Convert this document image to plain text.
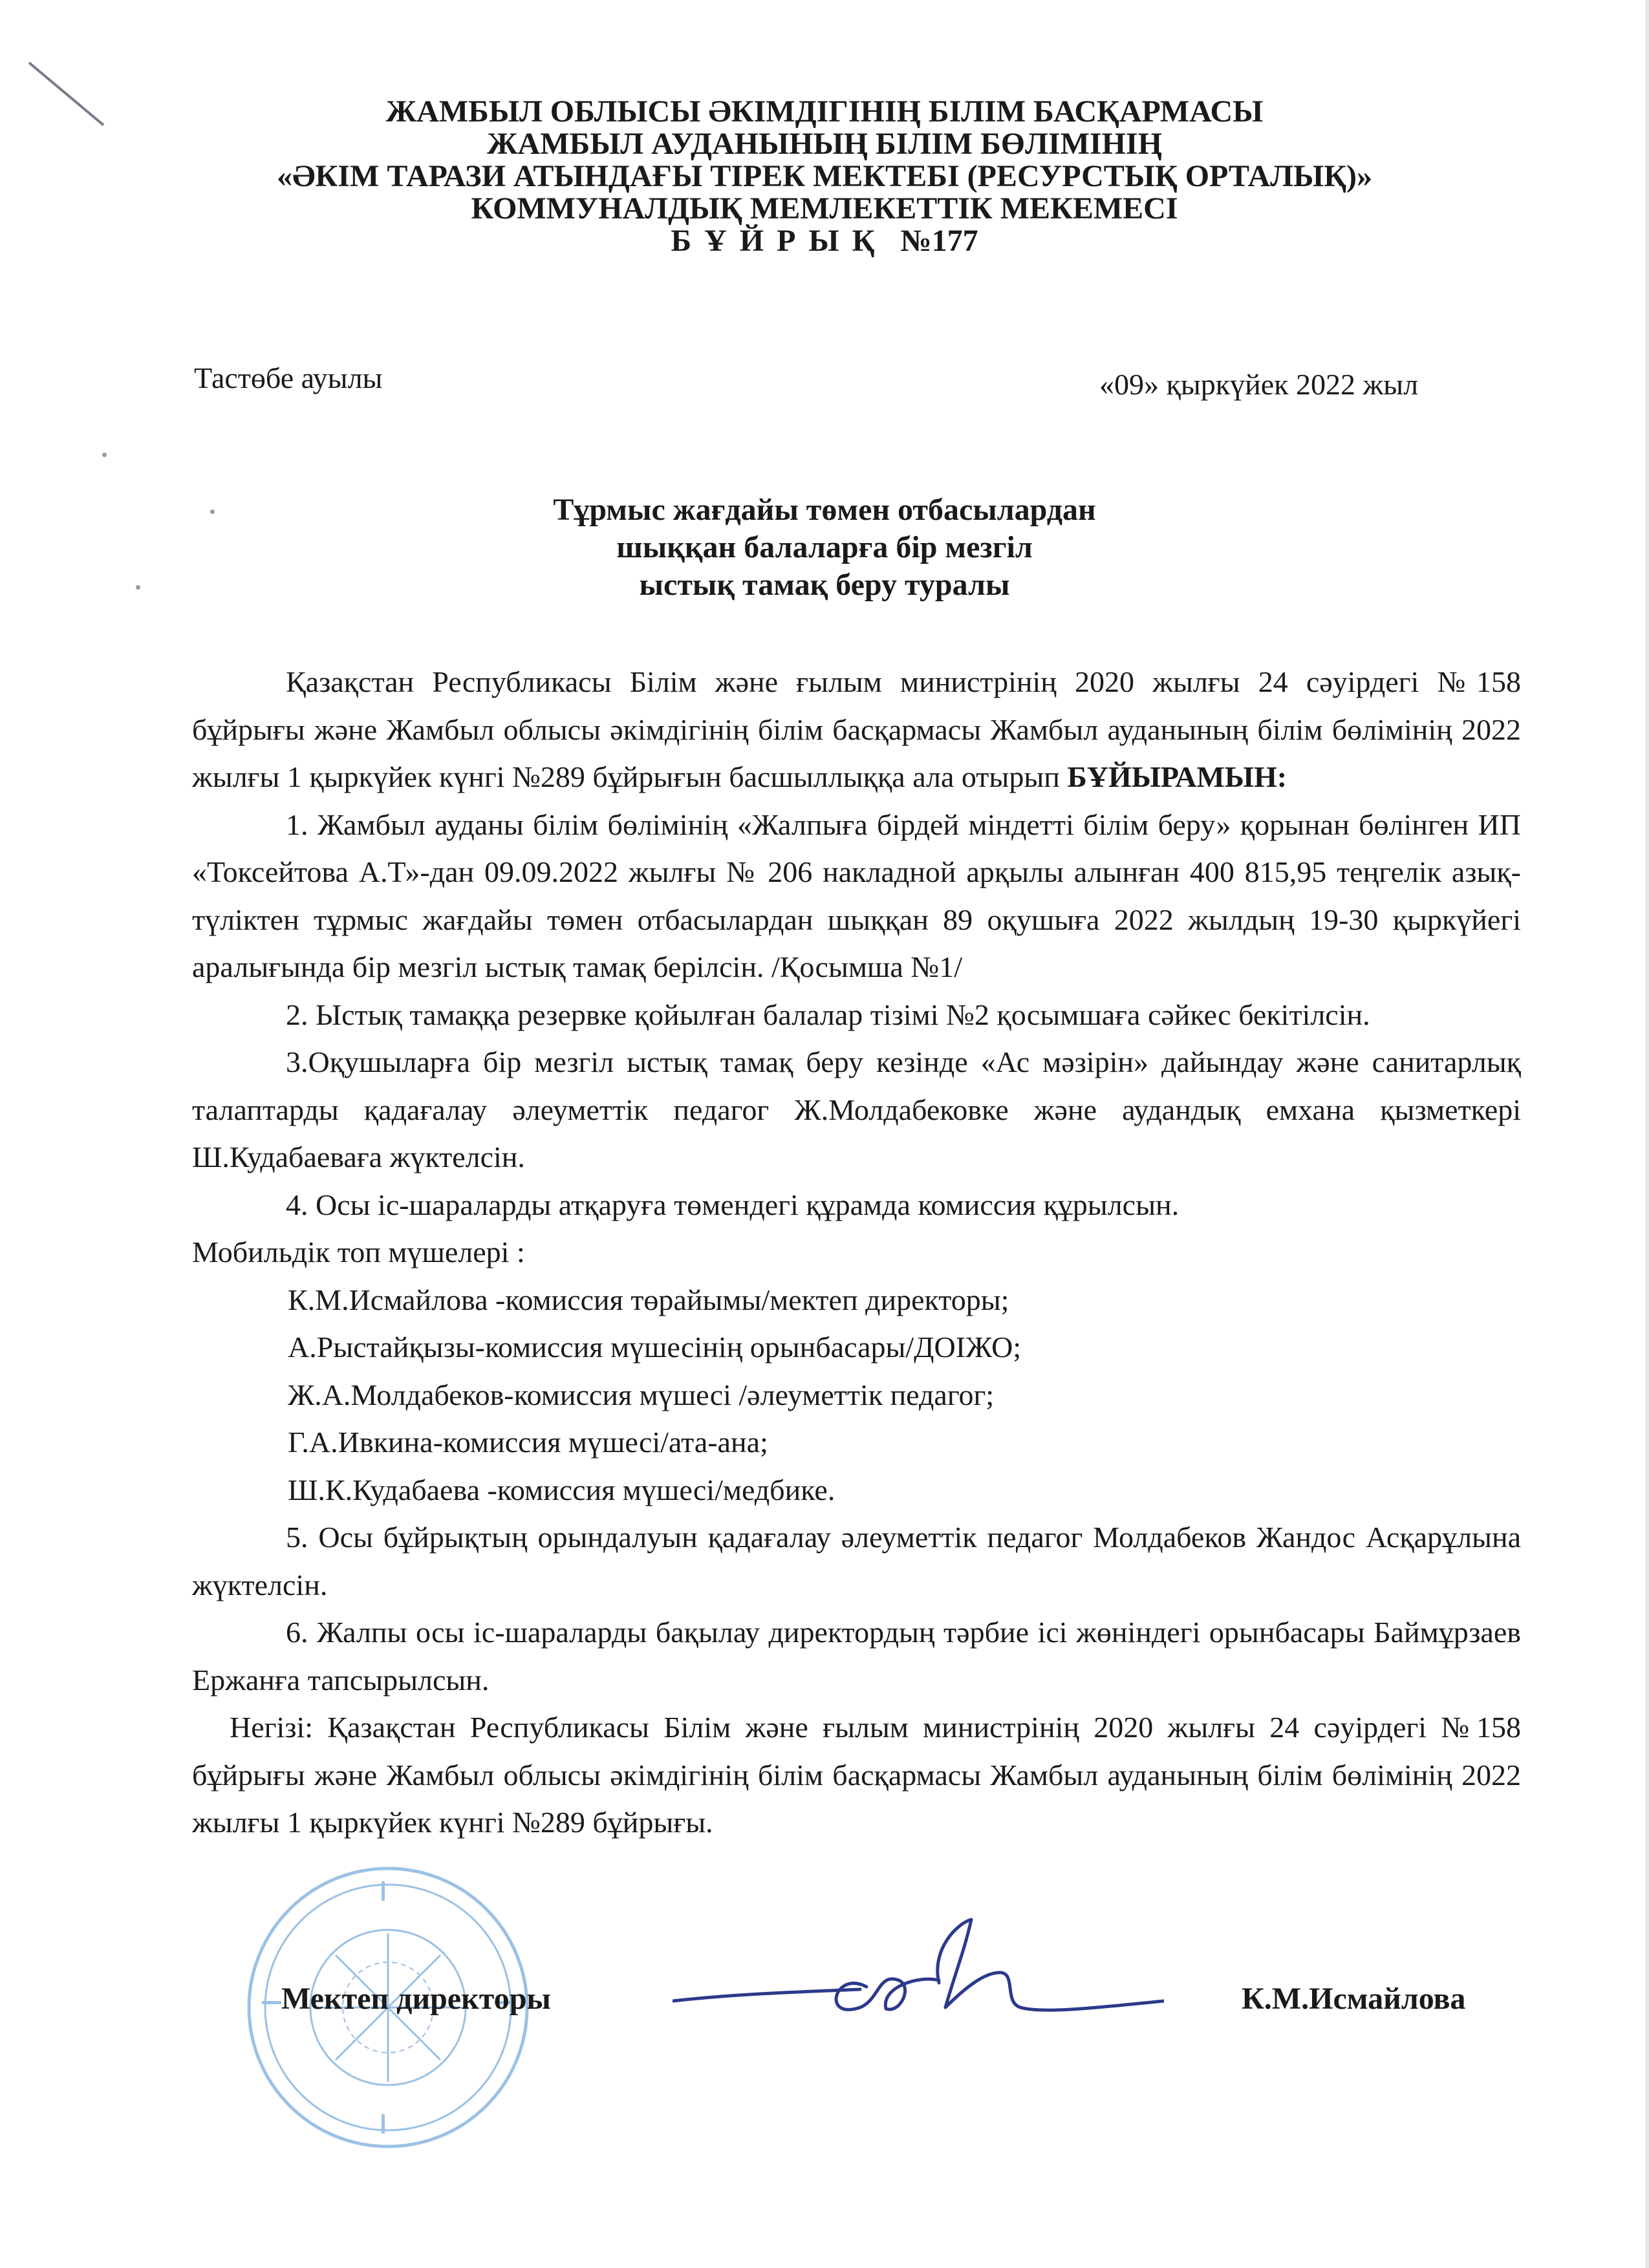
ЖАМБЫЛ ОБЛЫСЫ ӘКІМДІГІНІҢ БІЛІМ БАСҚАРМАСЫ
ЖАМБЫЛ АУДАНЫНЫҢ БІЛІМ БӨЛІМІНІҢ
«ӘКІМ ТАРАЗИ АТЫНДАҒЫ ТІРЕК МЕКТЕБІ (РЕСУРСТЫҚ ОРТАЛЫҚ)»
КОММУНАЛДЫҚ МЕМЛЕКЕТТІК МЕКЕМЕСІ
Б Ұ Й Р Ы Қ №177
Тастөбе ауылы	«09» қыркүйек 2022 жыл
Тұрмыс жағдайы төмен отбасылардан
шыққан балаларға бір мезгіл
ыстық тамақ беру туралы

Қазақстан Республикасы Білім және ғылым министрінің 2020 жылғы 24 сәуірдегі №158 бұйрығы және Жамбыл облысы әкімдігінің білім басқармасы Жамбыл ауданының білім бөлімінің 2022 жылғы 1 қыркүйек күнгі №289 бұйрығын басшыллыққа ала отырып БҰЙЫРАМЫН:

1. Жамбыл ауданы білім бөлімінің «Жалпыға бірдей міндетті білім беру» қорынан бөлінген ИП «Токсейтова А.Т»-дан 09.09.2022 жылғы № 206 накладной арқылы алынған 400 815,95 теңгелік азық-түліктен тұрмыс жағдайы төмен отбасылардан шыққан 89 оқушыға 2022 жылдың 19-30 қыркүйегі аралығында бір мезгіл ыстық тамақ берілсін. /Қосымша №1/

2. Ыстық тамаққа резервке қойылған балалар тізімі №2 қосымшаға сәйкес бекітілсін.

3.Оқушыларға бір мезгіл ыстық тамақ беру кезінде «Ас мәзірін» дайындау және санитарлық талаптарды қадағалау әлеуметтік педагог Ж.Молдабековке және аудандық емхана қызметкері Ш.Кудабаеваға жүктелсін.

4. Осы іс-шараларды атқаруға төмендегі құрамда комиссия құрылсын.

Мобильдік топ мүшелері :

К.М.Исмайлова -комиссия төрайымы/мектеп директоры;

А.Рыстайқызы-комиссия мүшесінің орынбасары/ДОІЖО;

Ж.А.Молдабеков-комиссия мүшесі /әлеуметтік педагог;

Г.А.Ивкина-комиссия мүшесі/ата-ана;

Ш.К.Кудабаева -комиссия мүшесі/медбике.

5. Осы бұйрықтың орындалуын қадағалау әлеуметтік педагог Молдабеков Жандос Асқарұлына жүктелсін.

6. Жалпы осы іс-шараларды бақылау директордың тәрбие ісі жөніндегі орынбасары Баймұрзаев Ержанға тапсырылсын.

Негізі: Қазақстан Республикасы Білім және ғылым министрінің 2020 жылғы 24 сәуірдегі №158 бұйрығы және Жамбыл облысы әкімдігінің білім басқармасы Жамбыл ауданының білім бөлімінің 2022 жылғы 1 қыркүйек күнгі №289 бұйрығы.

Мектеп директоры	К.М.Исмайлова
